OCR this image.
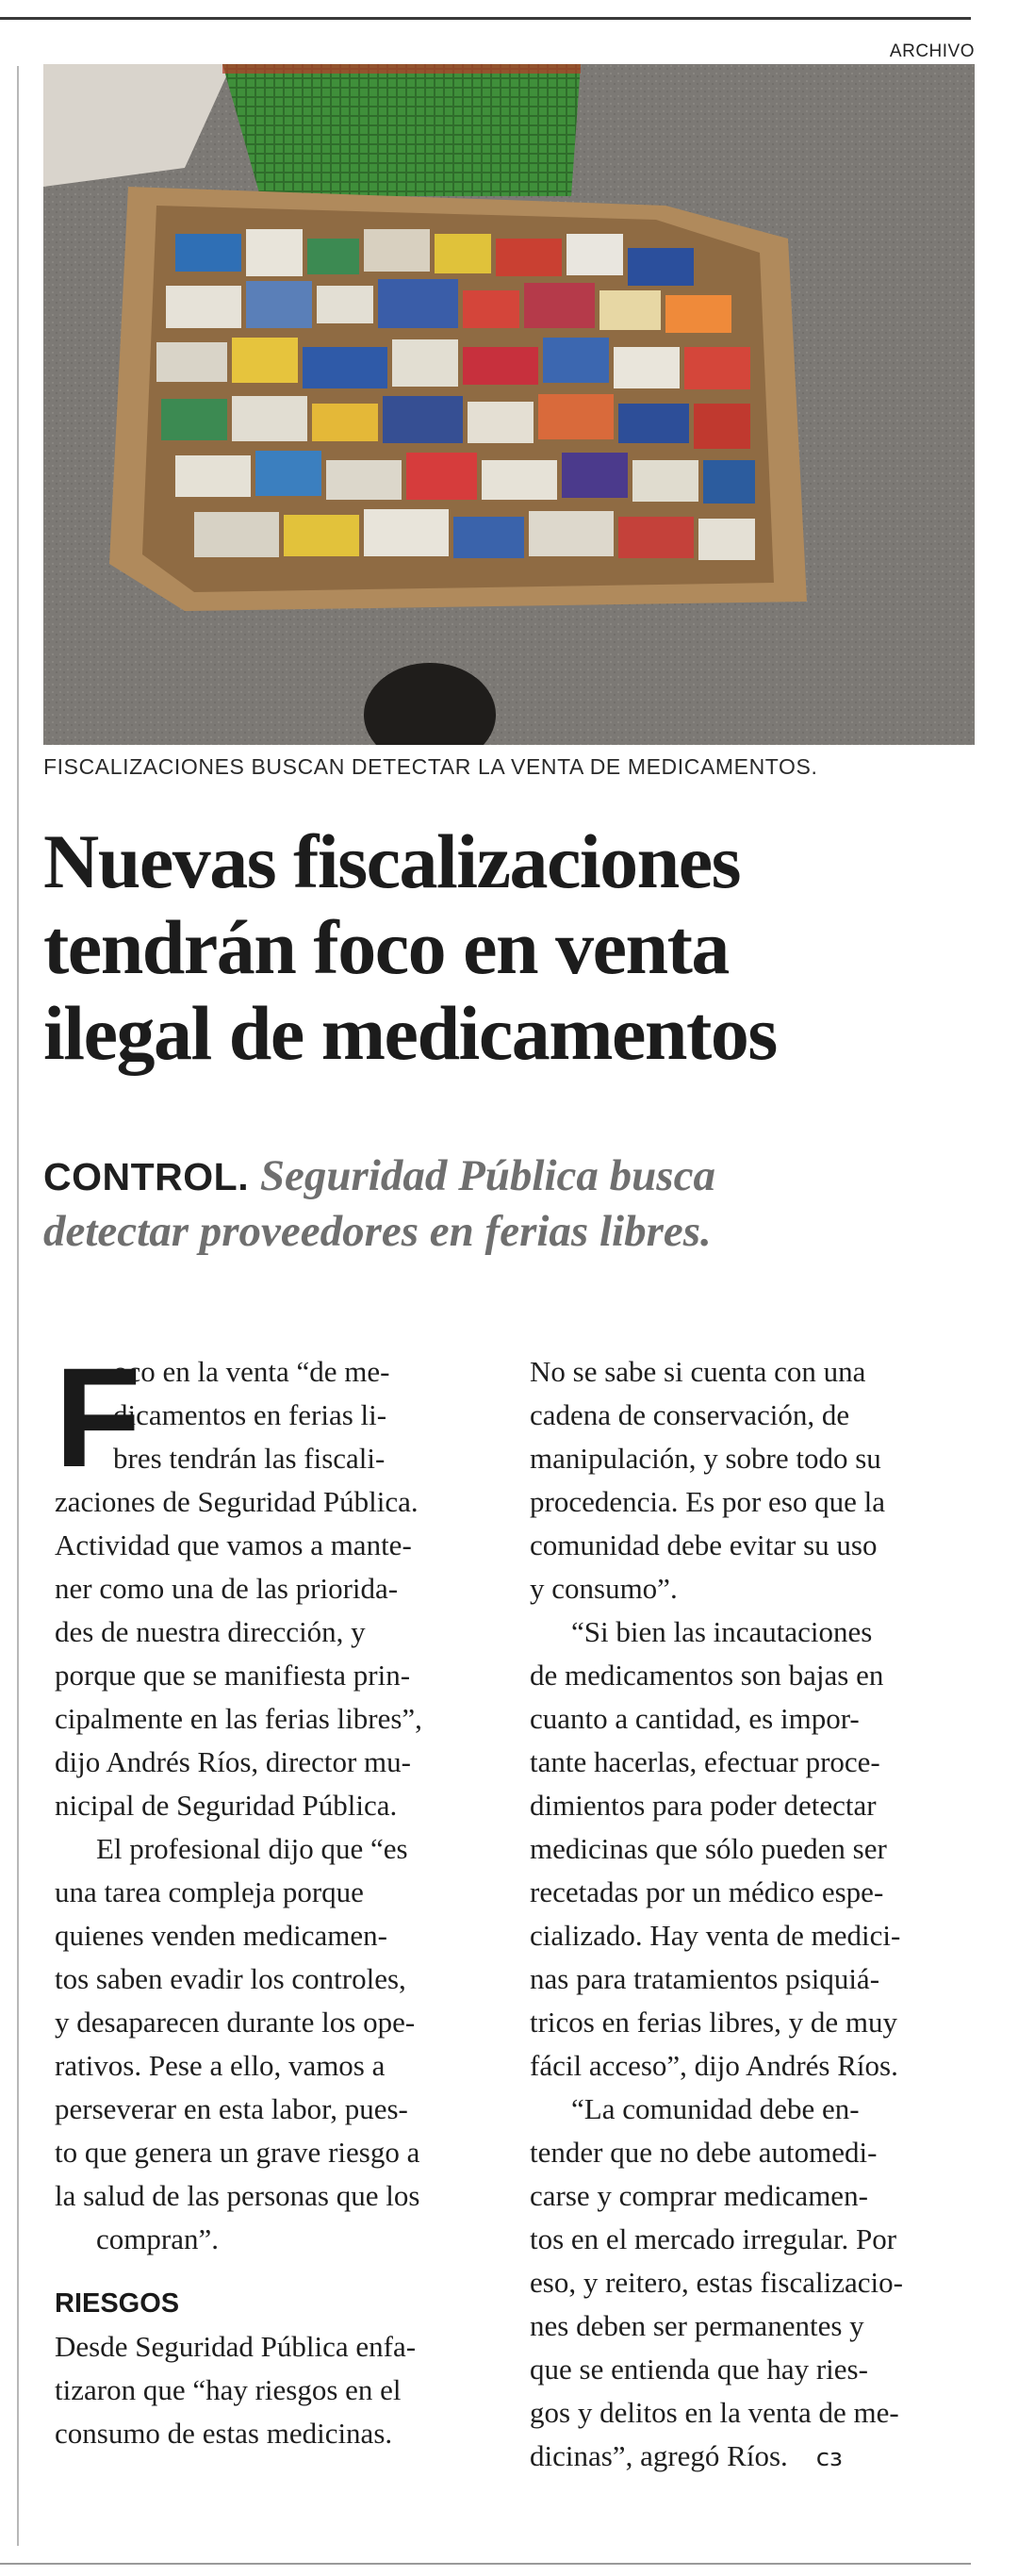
ARCHIVO
FISCALIZACIONES BUSCAN DETECTAR LA VENTA DE MEDICAMENTOS.
Nuevas fiscalizaciones
tendrán foco en venta
ilegal de medicamentos
CONTROL. Seguridad Pública busca
detectar proveedores en ferias libres.
F
oco en la venta “de me-
dicamentos en ferias li-
bres tendrán las fiscali-
zaciones de Seguridad Pública.
Actividad que vamos a mante-
ner como una de las priorida-
des de nuestra dirección, y
porque que se manifiesta prin-
cipalmente en las ferias libres”,
dijo Andrés Ríos, director mu-
nicipal de Seguridad Pública.
El profesional dijo que “es
una tarea compleja porque
quienes venden medicamen-
tos saben evadir los controles,
y desaparecen durante los ope-
rativos. Pese a ello, vamos a
perseverar en esta labor, pues-
to que genera un grave riesgo a
la salud de las personas que los
compran”.
RIESGOS
Desde Seguridad Pública enfa-
tizaron que “hay riesgos en el
consumo de estas medicinas.
No se sabe si cuenta con una
cadena de conservación, de
manipulación, y sobre todo su
procedencia. Es por eso que la
comunidad debe evitar su uso
y consumo”.
“Si bien las incautaciones
de medicamentos son bajas en
cuanto a cantidad, es impor-
tante hacerlas, efectuar proce-
dimientos para poder detectar
medicinas que sólo pueden ser
recetadas por un médico espe-
cializado. Hay venta de medici-
nas para tratamientos psiquiá-
tricos en ferias libres, y de muy
fácil acceso”, dijo Andrés Ríos.
“La comunidad debe en-
tender que no debe automedi-
carse y comprar medicamen-
tos en el mercado irregular. Por
eso, y reitero, estas fiscalizacio-
nes deben ser permanentes y
que se entienda que hay ries-
gos y delitos en la venta de me-
dicinas”, agregó Ríos. ᴄɜ
